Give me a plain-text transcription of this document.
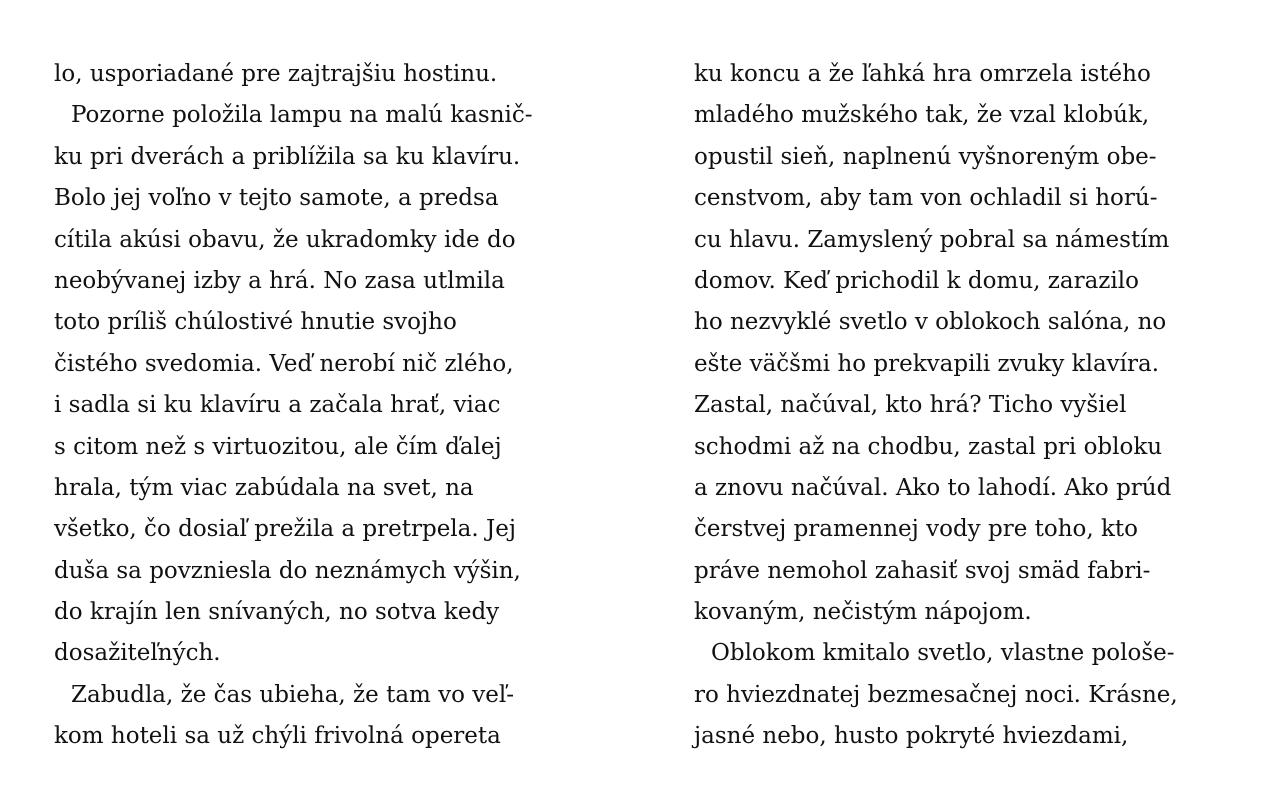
lo, usporiadané pre zajtrajšiu hostinu.
Pozorne položila lampu na malú kasnič-
ku pri dverách a priblížila sa ku klavíru.
Bolo jej voľno v tejto samote, a predsa
cítila akúsi obavu, že ukradomky ide do
neobývanej izby a hrá. No zasa utlmila
toto príliš chúlostivé hnutie svojho
čistého svedomia. Veď nerobí nič zlého,
i sadla si ku klavíru a začala hrať, viac
s citom než s virtuozitou, ale čím ďalej
hrala, tým viac zabúdala na svet, na
všetko, čo dosiaľ prežila a pretrpela. Jej
duša sa povzniesla do neznámych výšin,
do krajín len snívaných, no sotva kedy
dosažiteľných.
Zabudla, že čas ubieha, že tam vo veľ-
kom hoteli sa už chýli frivolná opereta
ku koncu a že ľahká hra omrzela istého
mladého mužského tak, že vzal klobúk,
opustil sieň, naplnenú vyšnoreným obe-
censtvom, aby tam von ochladil si horú-
cu hlavu. Zamyslený pobral sa námestím
domov. Keď prichodil k domu, zarazilo
ho nezvyklé svetlo v oblokoch salóna, no
ešte väčšmi ho prekvapili zvuky klavíra.
Zastal, načúval, kto hrá? Ticho vyšiel
schodmi až na chodbu, zastal pri obloku
a znovu načúval. Ako to lahodí. Ako prúd
čerstvej pramennej vody pre toho, kto
práve nemohol zahasiť svoj smäd fabri-
kovaným, nečistým nápojom.
Oblokom kmitalo svetlo, vlastne pološe-
ro hviezdnatej bezmesačnej noci. Krásne,
jasné nebo, husto pokryté hviezdami,
